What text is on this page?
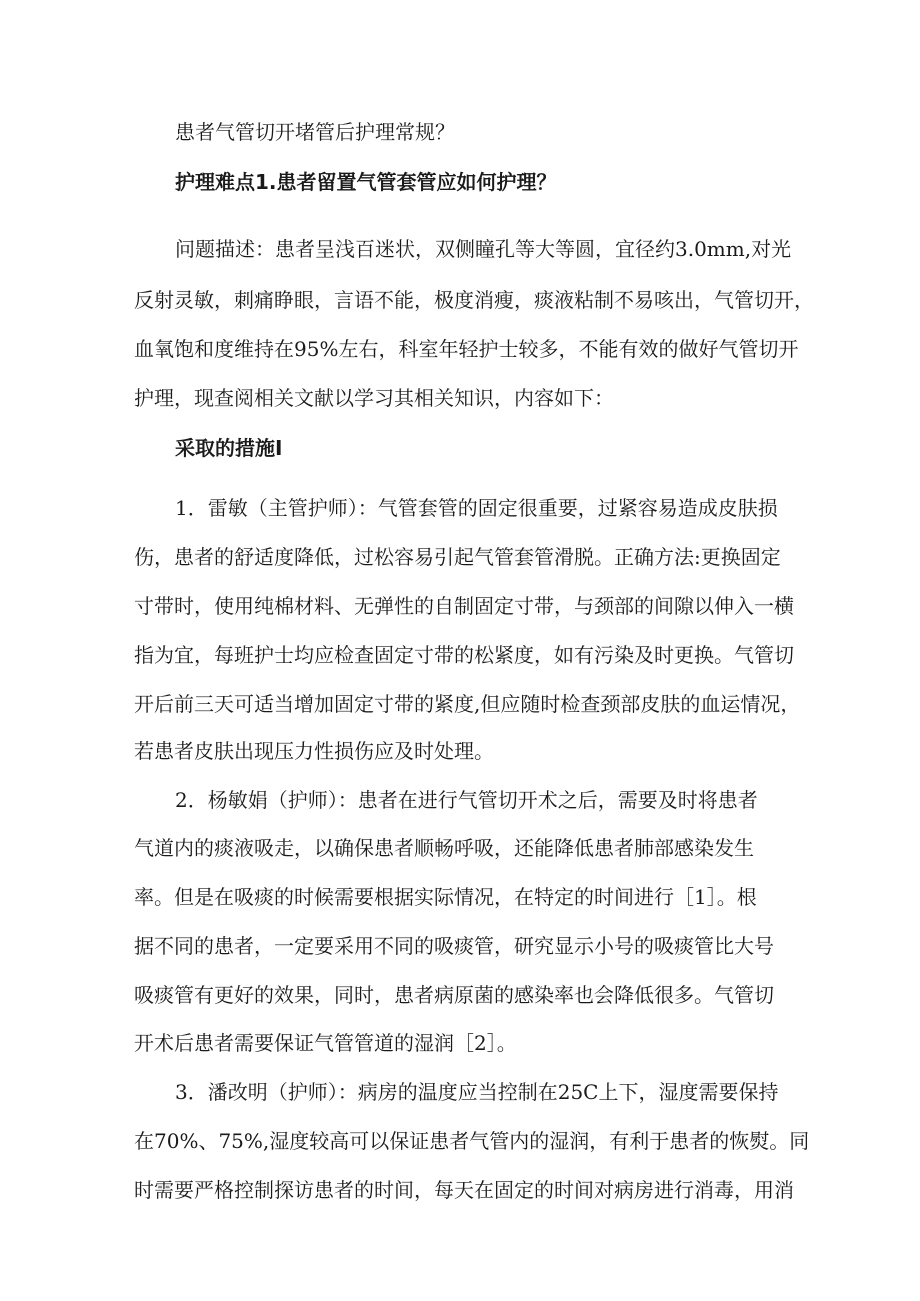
患者气管切开堵管后护理常规？
护理难点1.患者留置气管套管应如何护理？
问题描述：患者呈浅百迷状，双侧瞳孔等大等圆，宜径约3.0mm,对光
反射灵敏，刺痛睁眼，言语不能，极度消瘦，痰液粘制不易咳出，气管切开，
血氧饱和度维持在95%左右，科室年轻护士较多，不能有效的做好气管切开
护理，现查阅相关文献以学习其相关知识，内容如下：
采取的措施I
1．雷敏（主管护师）：气管套管的固定很重要，过紧容易造成皮肤损
伤，患者的舒适度降低，过松容易引起气管套管滑脱。正确方法:更换固定
寸带时，使用纯棉材料、无弹性的自制固定寸带，与颈部的间隙以伸入一横
指为宜，每班护士均应检查固定寸带的松紧度，如有污染及时更换。气管切
开后前三天可适当增加固定寸带的紧度,但应随时检查颈部皮肤的血运情况，
若患者皮肤出现压力性损伤应及时处理。
2．杨敏娟（护师）：患者在进行气管切开术之后，需要及时将患者
气道内的痰液吸走，以确保患者顺畅呼吸，还能降低患者肺部感染发生
率。但是在吸痰的时候需要根据实际情况，在特定的时间进行［1］。根
据不同的患者，一定要采用不同的吸痰管，研究显示小号的吸痰管比大号
吸痰管有更好的效果，同时，患者病原菌的感染率也会降低很多。气管切
开术后患者需要保证气管管道的湿润［2］。
3．潘改明（护师）：病房的温度应当控制在25C上下，湿度需要保持
在70%、75%,湿度较高可以保证患者气管内的湿润，有利于患者的恢熨。同
时需要严格控制探访患者的时间，每天在固定的时间对病房进行消毒，用消
